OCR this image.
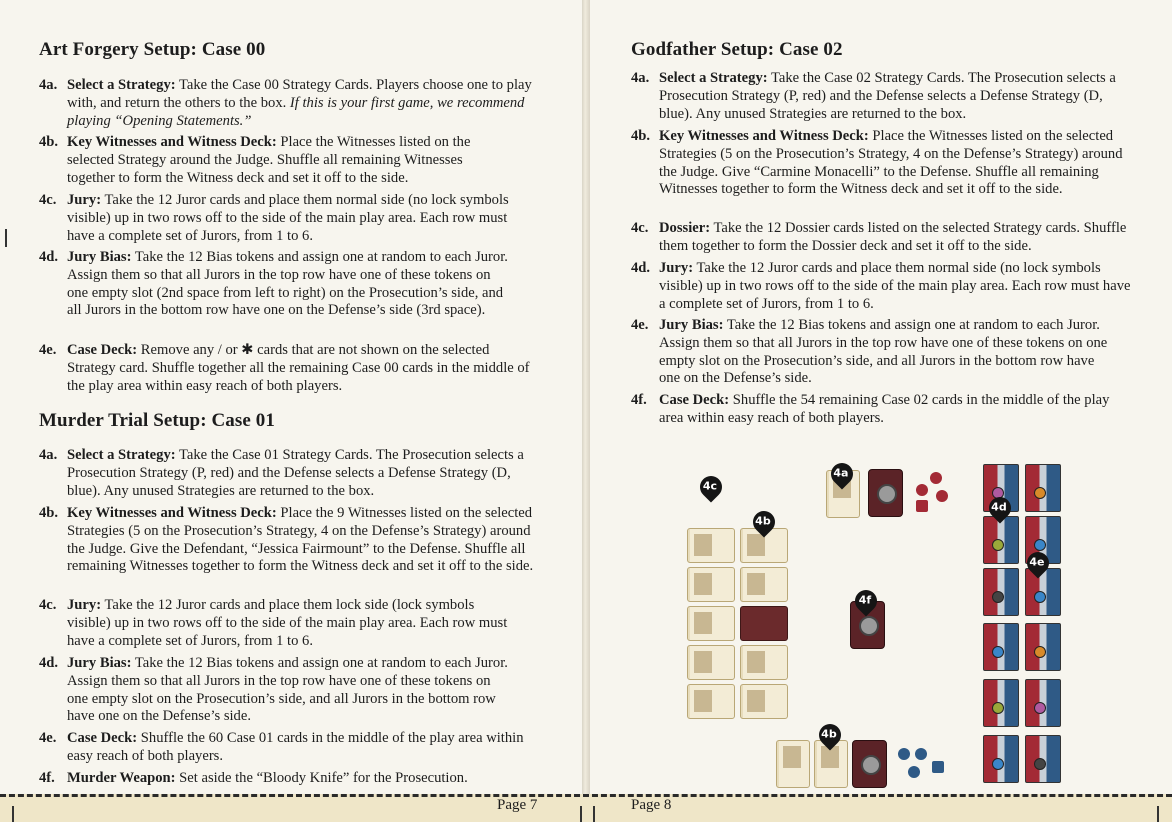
Art Forgery Setup: Case 00
4a. Select a Strategy: Take the Case 00 Strategy Cards. Players choose one to play with, and return the others to the box. If this is your first game, we recommend playing “Opening Statements.”
4b. Key Witnesses and Witness Deck: Place the Witnesses listed on the selected Strategy around the Judge. Shuffle all remaining Witnesses together to form the Witness deck and set it off to the side.
4c. Jury: Take the 12 Juror cards and place them normal side (no lock symbols visible) up in two rows off to the side of the main play area. Each row must have a complete set of Jurors, from 1 to 6.
4d. Jury Bias: Take the 12 Bias tokens and assign one at random to each Juror. Assign them so that all Jurors in the top row have one of these tokens on one empty slot (2nd space from left to right) on the Prosecution’s side, and all Jurors in the bottom row have one on the Defense’s side (3rd space).
4e. Case Deck: Remove any / or ✱ cards that are not shown on the selected Strategy card. Shuffle together all the remaining Case 00 cards in the middle of the play area within easy reach of both players.
Murder Trial Setup: Case 01
4a. Select a Strategy: Take the Case 01 Strategy Cards. The Prosecution selects a Prosecution Strategy (P, red) and the Defense selects a Defense Strategy (D, blue). Any unused Strategies are returned to the box.
4b. Key Witnesses and Witness Deck: Place the 9 Witnesses listed on the selected Strategies (5 on the Prosecution’s Strategy, 4 on the Defense’s Strategy) around the Judge. Give the Defendant, “Jessica Fairmount” to the Defense. Shuffle all remaining Witnesses together to form the Witness deck and set it off to the side.
4c. Jury: Take the 12 Juror cards and place them lock side (lock symbols visible) up in two rows off to the side of the main play area. Each row must have a complete set of Jurors, from 1 to 6.
4d. Jury Bias: Take the 12 Bias tokens and assign one at random to each Juror. Assign them so that all Jurors in the top row have one of these tokens on one empty slot on the Prosecution’s side, and all Jurors in the bottom row have one on the Defense’s side.
4e. Case Deck: Shuffle the 60 Case 01 cards in the middle of the play area within easy reach of both players.
4f. Murder Weapon: Set aside the “Bloody Knife” for the Prosecution.
Godfather Setup: Case 02
4a. Select a Strategy: Take the Case 02 Strategy Cards. The Prosecution selects a Prosecution Strategy (P, red) and the Defense selects a Defense Strategy (D, blue). Any unused Strategies are returned to the box.
4b. Key Witnesses and Witness Deck: Place the Witnesses listed on the selected Strategies (5 on the Prosecution’s Strategy, 4 on the Defense’s Strategy) around the Judge. Give “Carmine Monacelli” to the Defense. Shuffle all remaining Witnesses together to form the Witness deck and set it off to the side.
4c. Dossier: Take the 12 Dossier cards listed on the selected Strategy cards. Shuffle them together to form the Dossier deck and set it off to the side.
4d. Jury: Take the 12 Juror cards and place them normal side (no lock symbols visible) up in two rows off to the side of the main play area. Each row must have a complete set of Jurors, from 1 to 6.
4e. Jury Bias: Take the 12 Bias tokens and assign one at random to each Juror. Assign them so that all Jurors in the top row have one of these tokens on one empty slot on the Prosecution’s side, and all Jurors in the bottom row have one on the Defense’s side.
4f. Case Deck: Shuffle the 54 remaining Case 02 cards in the middle of the play area within easy reach of both players.
4c
4b
4a
4d
4e
4f
4b
Page 7	Page 8
